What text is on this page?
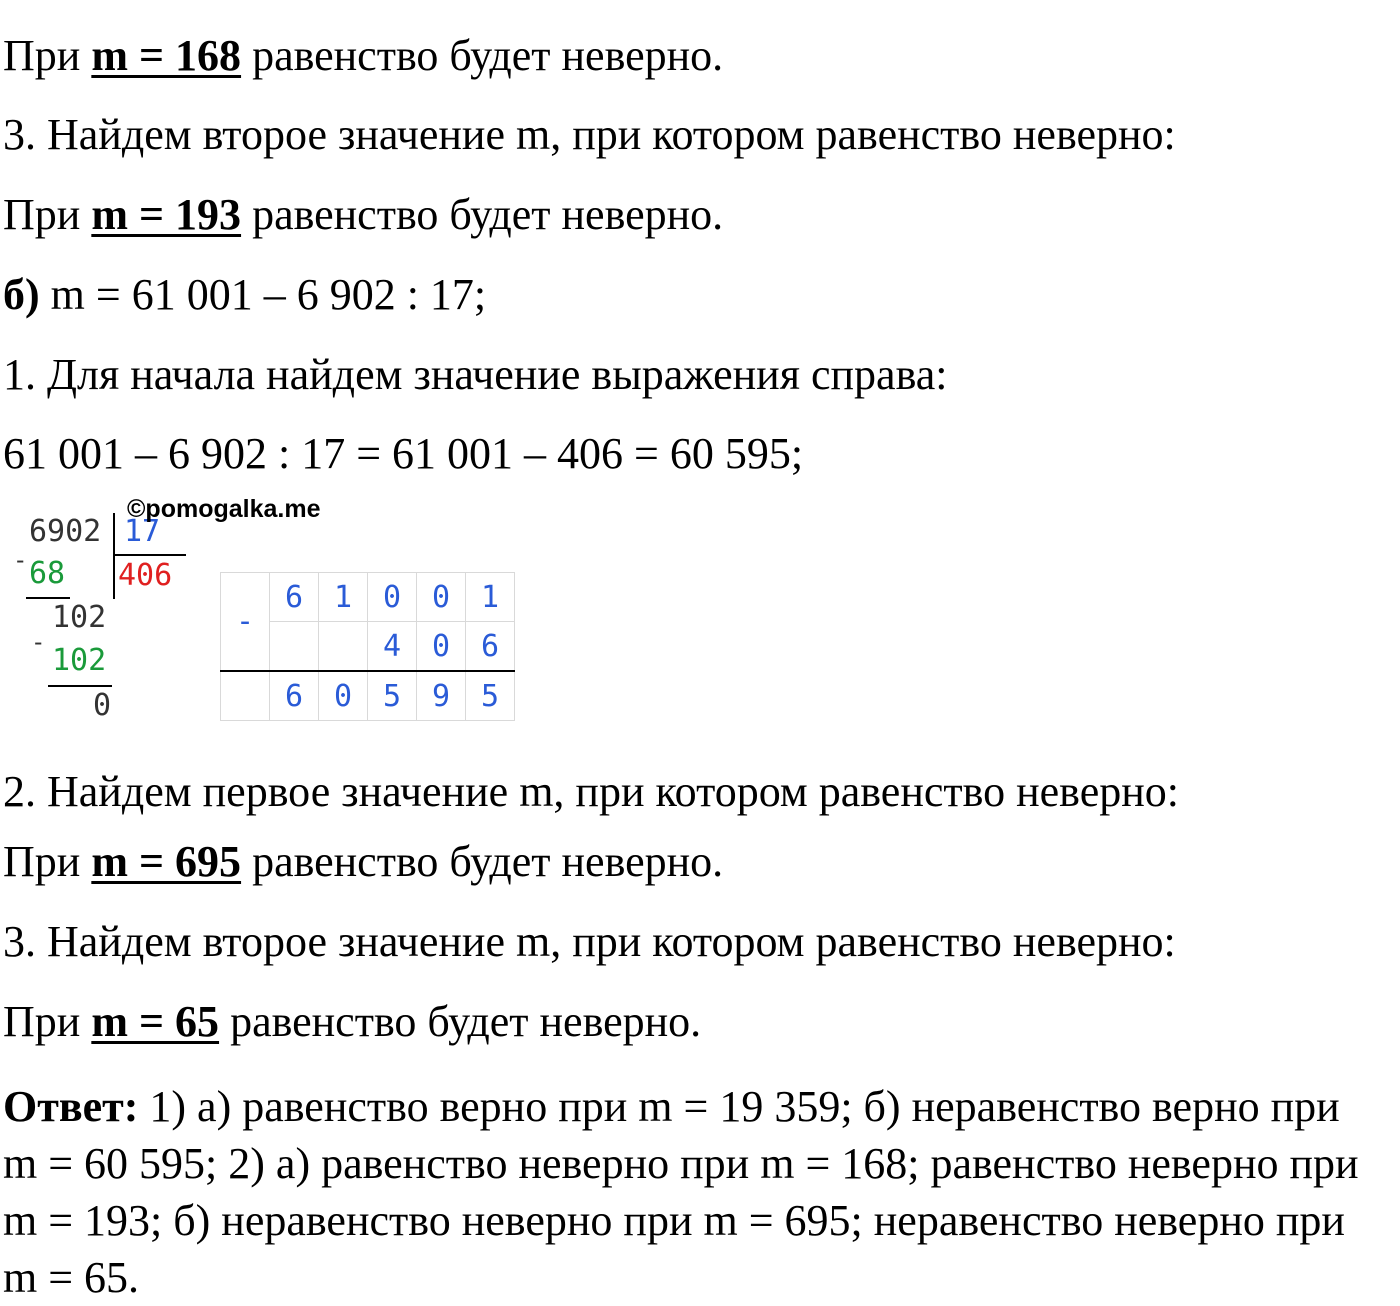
При m = 168 равенство будет неверно.
3. Найдем второе значение m, при котором равенство неверно:
При m = 193 равенство будет неверно.
б) m = 61 001 – 6 902 : 17;
1. Для начала найдем значение выражения справа:
61 001 – 6 902 : 17 = 61 001 – 406 = 60 595;
6902 17
406
- 68
102
-
102
0
©pomogalka.me
-	6	1	0	0	1
			4	0	6
	6	0	5	9	5
2. Найдем первое значение m, при котором равенство неверно:
При m = 695 равенство будет неверно.
3. Найдем второе значение m, при котором равенство неверно:
При m = 65 равенство будет неверно.
Ответ: 1) а) равенство верно при m = 19 359; б) неравенство верно при
m = 60 595; 2) а) равенство неверно при m = 168; равенство неверно при
m = 193; б) неравенство неверно при m = 695; неравенство неверно при
m = 65.
